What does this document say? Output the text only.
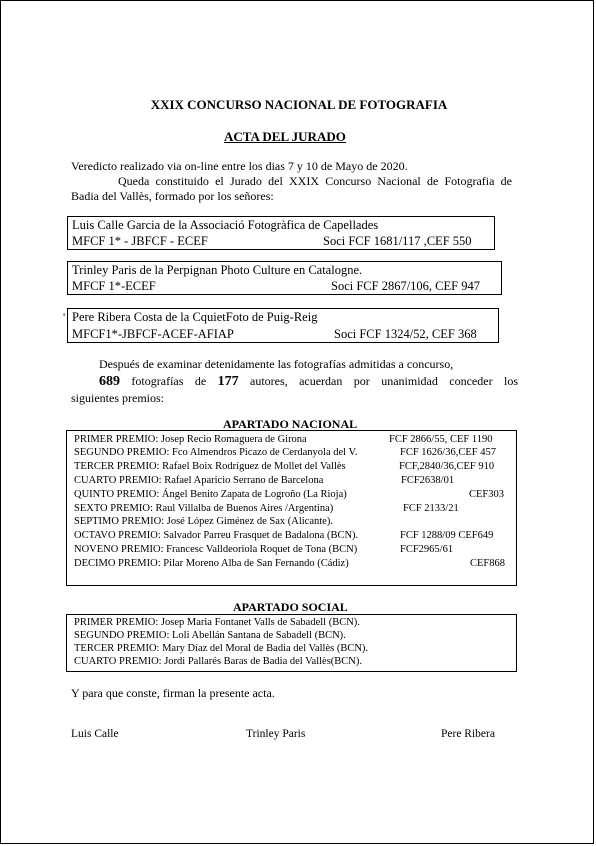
XXIX CONCURSO NACIONAL DE FOTOGRAFIA
ACTA DEL JURADO
Veredicto realizado via on-line entre los dias 7 y 10 de Mayo de 2020.
Queda constituido el Jurado del XXIX Concurso Nacional de Fotografia de
Badia del Vallès, formado por los señores:
Luis Calle Garcia de la Associació Fotogràfica de Capellades
MFCF 1* - JBFCF - ECEF	Soci FCF 1681/117 ,CEF 550
Trinley Paris de la Perpignan Photo Culture en Catalogne.
MFCF 1*-ECEF	Soci FCF 2867/106, CEF 947
' Pere Ribera Costa de la CquietFoto de Puig-Reig
MFCF1*-JBFCF-ACEF-AFIAP	Soci FCF 1324/52, CEF 368
Después de examinar detenidamente las fotografías admitidas a concurso,
689 fotografías de 177 autores, acuerdan por unanimidad conceder los
siguientes premios:
APARTADO NACIONAL
PRIMER PREMIO: Josep Recio Romaguera de Girona	FCF 2866/55, CEF 1190
SEGUNDO PREMIO: Fco Almendros Picazo de Cerdanyola del V.	FCF 1626/36,CEF 457
TERCER PREMIO: Rafael Boix Rodríguez de Mollet del Vallès	FCF,2840/36,CEF 910
CUARTO PREMIO: Rafael Aparicio Serrano de Barcelona	FCF2638/01
QUINTO PREMIO: Ángel Benito Zapata de Logroño (La Rioja)	CEF303
SEXTO PREMIO: Raul Villalba de Buenos Aires /Argentina)	FCF 2133/21
SEPTIMO PREMIO: José López Giménez de Sax (Alicante).
OCTAVO PREMIO: Salvador Parreu Frasquet de Badalona (BCN).	FCF 1288/09 CEF649
NOVENO PREMIO: Francesc Valldeoriola Roquet de Tona (BCN)	FCF2965/61
DECIMO PREMIO: Pilar Moreno Alba de San Fernando (Cádiz)	CEF868
APARTADO SOCIAL
PRIMER PREMIO: Josep Maria Fontanet Valls de Sabadell (BCN).
SEGUNDO PREMIO: Loli Abellán Santana de Sabadell (BCN).
TERCER PREMIO: Mary Díaz del Moral de Badia del Vallès (BCN).
CUARTO PREMIO: Jordi Pallarés Baras de Badia del Vallès(BCN).
Y para que conste, firman la presente acta.
Luis Calle	Trinley Paris	Pere Ribera
